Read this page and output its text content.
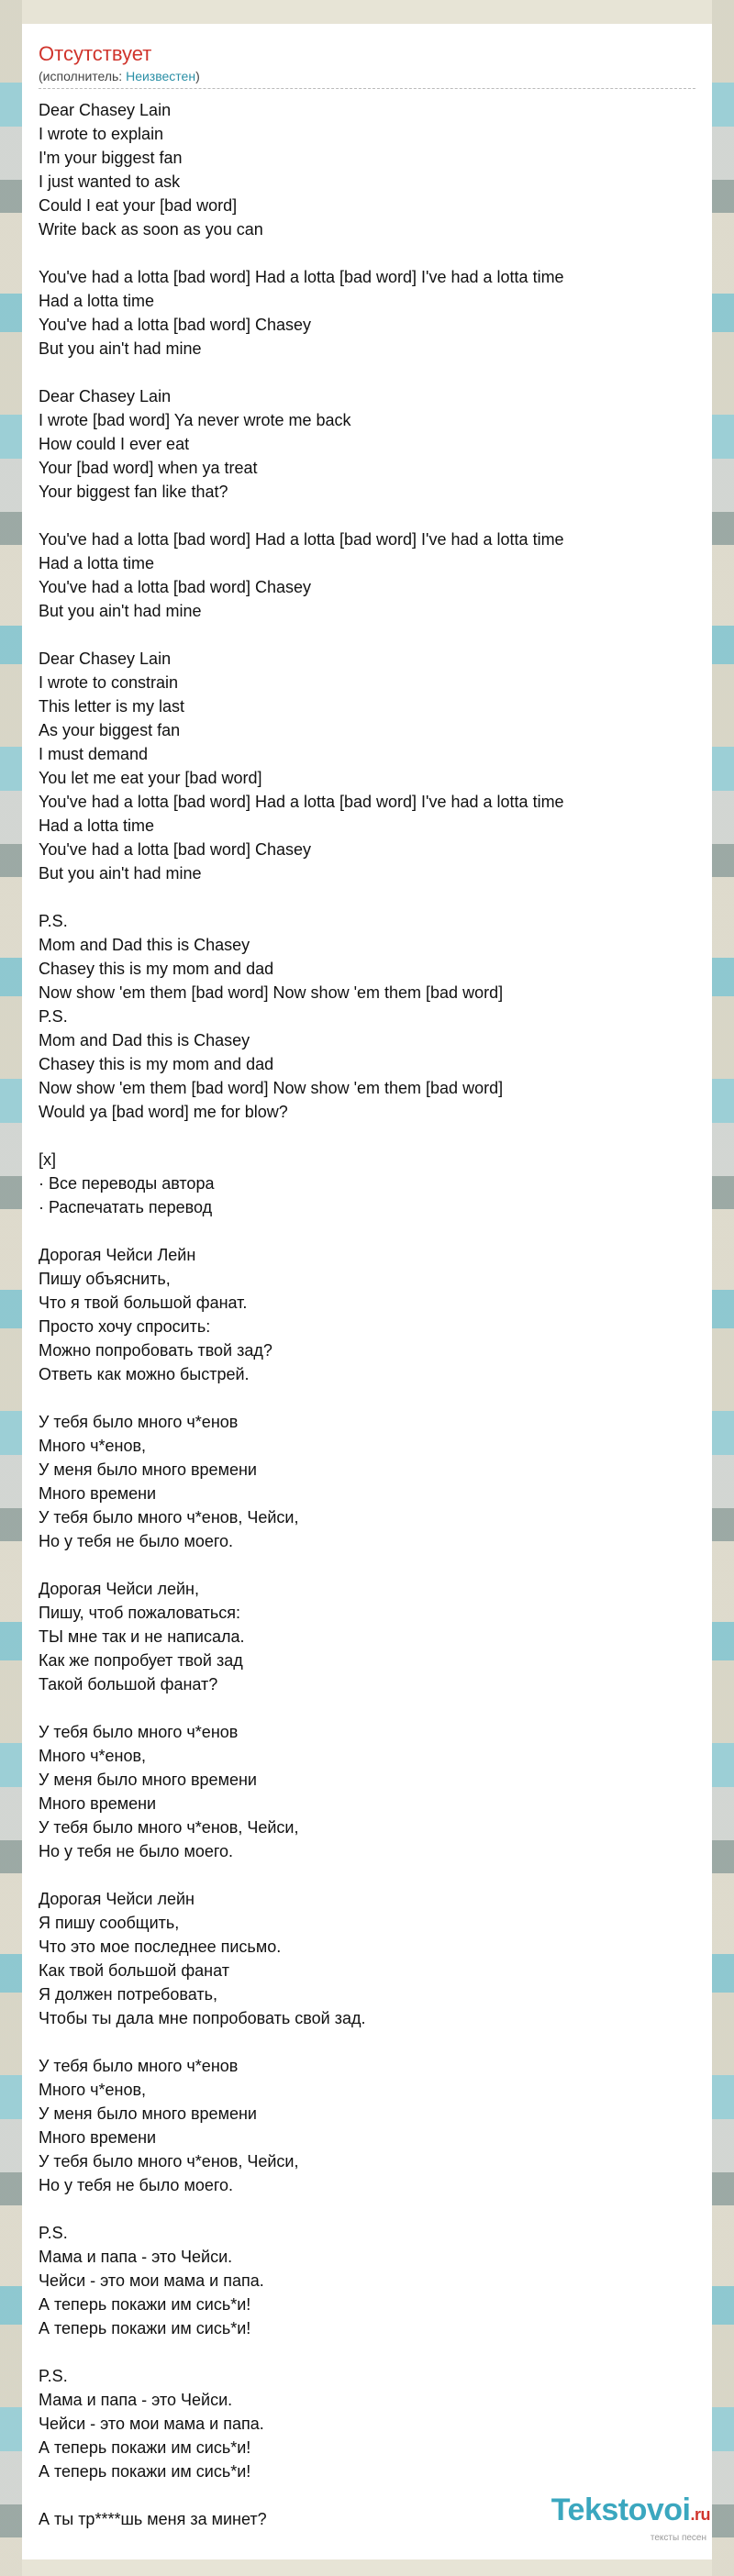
Отсутствует
(исполнитель: Неизвестен)
Dear Chasey Lain
I wrote to explain
I'm your biggest fan
I just wanted to ask
Could I eat your [bad word]
Write back as soon as you can
You've had a lotta [bad word] Had a lotta [bad word] I've had a lotta time
Had a lotta time
You've had a lotta [bad word] Chasey
But you ain't had mine
Dear Chasey Lain
I wrote [bad word] Ya never wrote me back
How could I ever eat
Your [bad word] when ya treat
Your biggest fan like that?
You've had a lotta [bad word] Had a lotta [bad word] I've had a lotta time
Had a lotta time
You've had a lotta [bad word] Chasey
But you ain't had mine
Dear Chasey Lain
I wrote to constrain
This letter is my last
As your biggest fan
I must demand
You let me eat your [bad word]
You've had a lotta [bad word] Had a lotta [bad word] I've had a lotta time
Had a lotta time
You've had a lotta [bad word] Chasey
But you ain't had mine
P.S.
Mom and Dad this is Chasey
Chasey this is my mom and dad
Now show 'em them [bad word] Now show 'em them [bad word]
P.S.
Mom and Dad this is Chasey
Chasey this is my mom and dad
Now show 'em them [bad word] Now show 'em them [bad word]
Would ya [bad word] me for blow?
[x]
· Все переводы автора
· Распечатать перевод
Дорогая Чейси Лейн
Пишу объяснить,
Что я твой большой фанат.
Просто хочу спросить:
Можно попробовать твой зад?
Ответь как можно быстрей.
У тебя было много ч*енов
Много ч*енов,
У меня было много времени
Много времени
У тебя было много ч*енов, Чейси,
Но у тебя не было моего.
Дорогая Чейси лейн,
Пишу, чтоб пожаловаться:
ТЫ мне так и не написала.
Как же попробует твой зад
Такой большой фанат?
У тебя было много ч*енов
Много ч*енов,
У меня было много времени
Много времени
У тебя было много ч*енов, Чейси,
Но у тебя не было моего.
Дорогая Чейси лейн
Я пишу сообщить,
Что это мое последнее письмо.
Как твой большой фанат
Я должен потребовать,
Чтобы ты дала мне попробовать свой зад.
У тебя было много ч*енов
Много ч*енов,
У меня было много времени
Много времени
У тебя было много ч*енов, Чейси,
Но у тебя не было моего.
P.S.
Мама и папа - это Чейси.
Чейси - это мои мама и папа.
А теперь покажи им сись*и!
А теперь покажи им сись*и!
P.S.
Мама и папа - это Чейси.
Чейси - это мои мама и папа.
А теперь покажи им сись*и!
А теперь покажи им сись*и!
А ты тр****шь меня за минет?	Tekstovoi.ru
тексты песен
